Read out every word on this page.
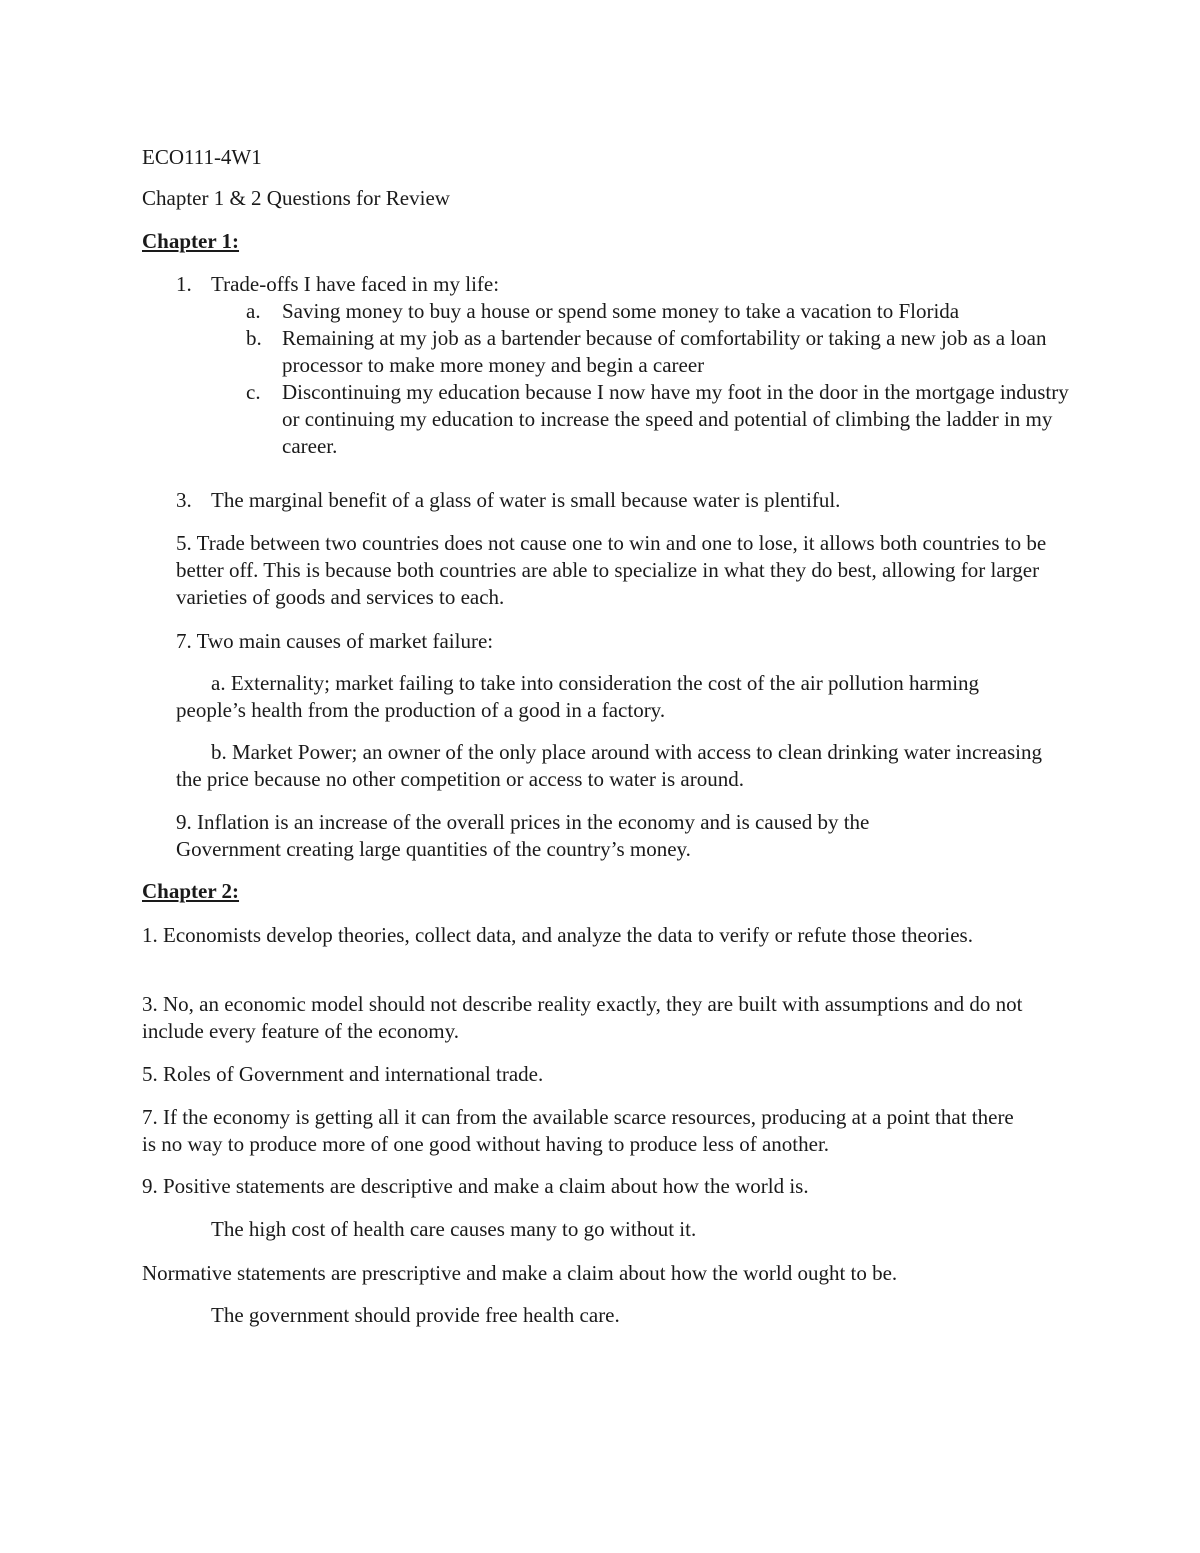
ECO111-4W1
Chapter 1 & 2 Questions for Review
Chapter 1:
1. Trade-offs I have faced in my life:
a. Saving money to buy a house or spend some money to take a vacation to Florida
b. Remaining at my job as a bartender because of comfortability or taking a new job as a loan processor to make more money and begin a career
c. Discontinuing my education because I now have my foot in the door in the mortgage industry or continuing my education to increase the speed and potential of climbing the ladder in my career.
3. The marginal benefit of a glass of water is small because water is plentiful.
5. Trade between two countries does not cause one to win and one to lose, it allows both countries to be better off. This is because both countries are able to specialize in what they do best, allowing for larger varieties of goods and services to each.
7. Two main causes of market failure:
a. Externality; market failing to take into consideration the cost of the air pollution harming people’s health from the production of a good in a factory.
b. Market Power; an owner of the only place around with access to clean drinking water increasing the price because no other competition or access to water is around.
9. Inflation is an increase of the overall prices in the economy and is caused by the Government creating large quantities of the country’s money.
Chapter 2:
1. Economists develop theories, collect data, and analyze the data to verify or refute those theories.
3. No, an economic model should not describe reality exactly, they are built with assumptions and do not include every feature of the economy.
5. Roles of Government and international trade.
7. If the economy is getting all it can from the available scarce resources, producing at a point that there is no way to produce more of one good without having to produce less of another.
9. Positive statements are descriptive and make a claim about how the world is.
The high cost of health care causes many to go without it.
Normative statements are prescriptive and make a claim about how the world ought to be.
The government should provide free health care.
